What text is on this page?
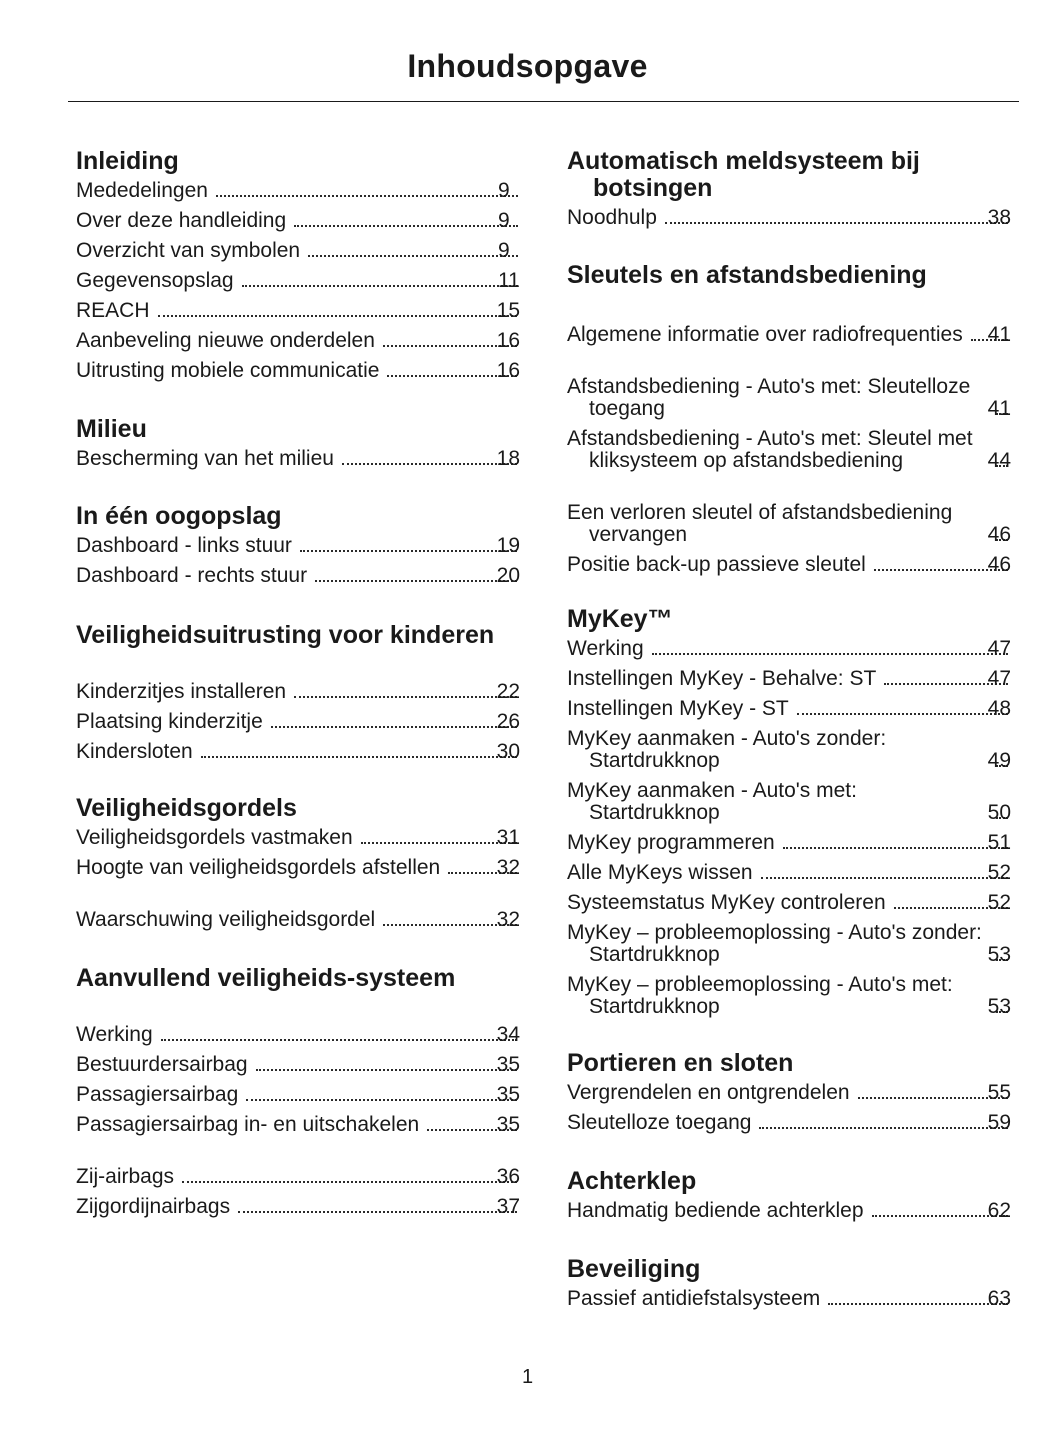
Inhoudsopgave
Inleiding
Mededelingen	9
Over deze handleiding	9
Overzicht van symbolen	9
Gegevensopslag	11
REACH	15
Aanbeveling nieuwe onderdelen	16
Uitrusting mobiele communicatie	16
Milieu
Bescherming van het milieu	18
In één oogopslag
Dashboard - links stuur	19
Dashboard - rechts stuur	20
Veiligheidsuitrusting voor kinderen
Kinderzitjes installeren	22
Plaatsing kinderzitje	26
Kindersloten	30
Veiligheidsgordels
Veiligheidsgordels vastmaken	31
Hoogte van veiligheidsgordels afstellen	32
Waarschuwing veiligheidsgordel	32
Aanvullend veiligheids-systeem
Werking	34
Bestuurdersairbag	35
Passagiersairbag	35
Passagiersairbag in- en uitschakelen	35
Zij-airbags	36
Zijgordijnairbags	37
Automatisch meldsysteem bij botsingen
Noodhulp	38
Sleutels en afstandsbediening
Algemene informatie over radiofrequenties 41
Afstandsbediening - Auto's met: Sleutelloze toegang	41
Afstandsbediening - Auto's met: Sleutel met kliksysteem op afstandsbediening	44
Een verloren sleutel of afstandsbediening vervangen	46
Positie back-up passieve sleutel	46
MyKey™
Werking	47
Instellingen MyKey - Behalve: ST	47
Instellingen MyKey - ST	48
MyKey aanmaken - Auto's zonder: Startdrukknop	49
MyKey aanmaken - Auto's met: Startdrukknop	50
MyKey programmeren	51
Alle MyKeys wissen	52
Systeemstatus MyKey controleren	52
MyKey – probleemoplossing - Auto's zonder: Startdrukknop	53
MyKey – probleemoplossing - Auto's met: Startdrukknop	53
Portieren en sloten
Vergrendelen en ontgrendelen	55
Sleutelloze toegang	59
Achterklep
Handmatig bediende achterklep	62
Beveiliging
Passief antidiefstalsysteem	63
1
